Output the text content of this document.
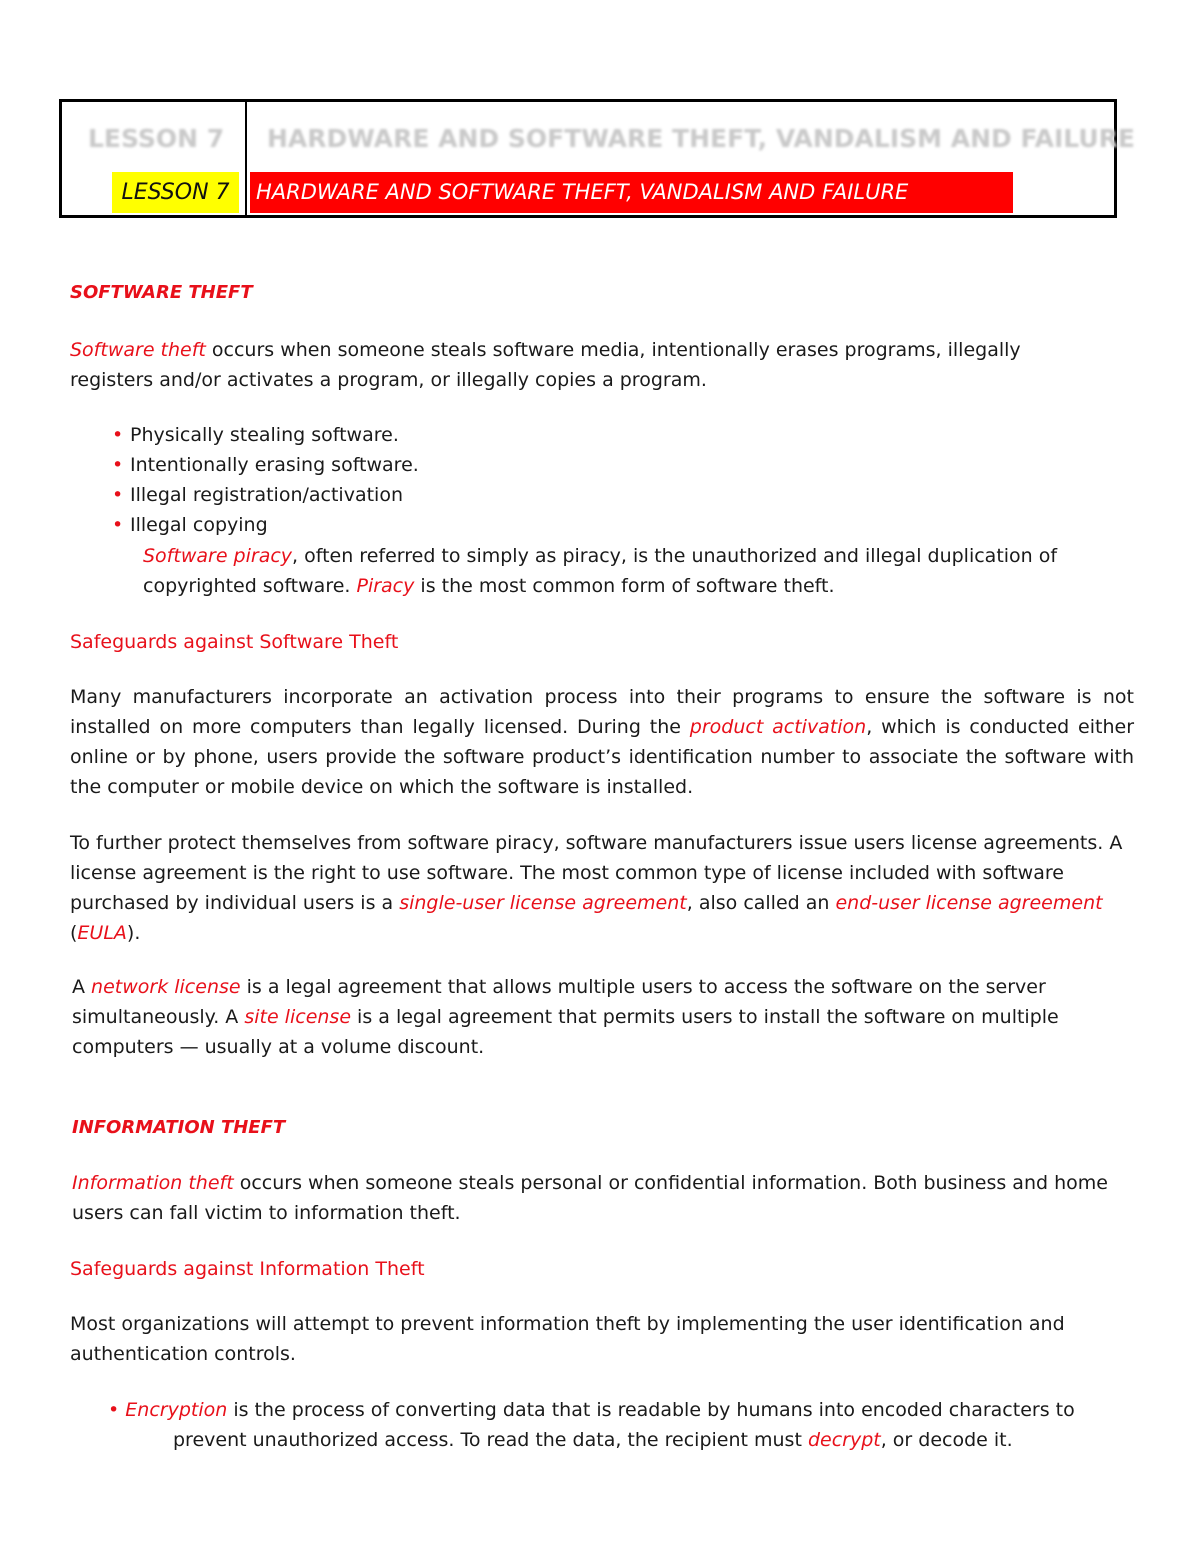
LESSON 7 HARDWARE AND SOFTWARE THEFT, VANDALISM AND FAILURE
LESSON 7	HARDWARE AND SOFTWARE THEFT, VANDALISM AND FAILURE
SOFTWARE THEFT
Software theft occurs when someone steals software media, intentionally erases programs, illegally
registers and/or activates a program, or illegally copies a program.
• Physically stealing software.
• Intentionally erasing software.
• Illegal registration/activation
• Illegal copying
Software piracy, often referred to simply as piracy, is the unauthorized and illegal duplication of
copyrighted software. Piracy is the most common form of software theft.
Safeguards against Software Theft
Many manufacturers incorporate an activation process into their programs to ensure the software is not installed on more computers than legally licensed. During the product activation, which is conducted either online or by phone, users provide the software product’s identification number to associate the software with the computer or mobile device on which the software is installed.
To further protect themselves from software piracy, software manufacturers issue users license agreements. A license agreement is the right to use software. The most common type of license included with software purchased by individual users is a single-user license agreement, also called an end-user license agreement (EULA).
A network license is a legal agreement that allows multiple users to access the software on the server simultaneously. A site license is a legal agreement that permits users to install the software on multiple computers — usually at a volume discount.
INFORMATION THEFT
Information theft occurs when someone steals personal or confidential information. Both business and home users can fall victim to information theft.
Safeguards against Information Theft
Most organizations will attempt to prevent information theft by implementing the user identification and authentication controls.
• Encryption is the process of converting data that is readable by humans into encoded characters to
prevent unauthorized access. To read the data, the recipient must decrypt, or decode it.
